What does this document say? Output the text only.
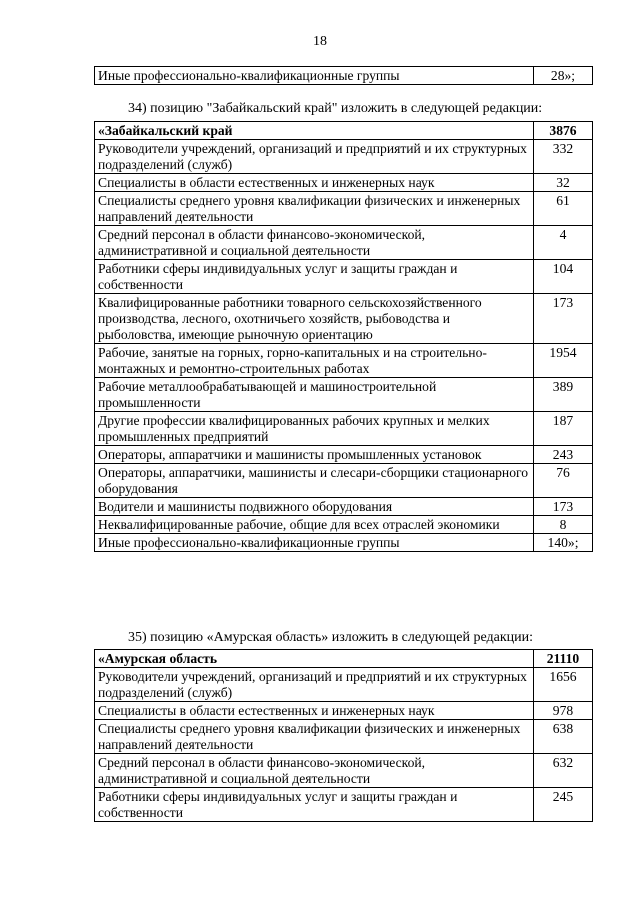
18
Иные профессионально-квалификационные группы	28»;
34) позицию "Забайкальский край" изложить в следующей редакции:
«Забайкальский край	3876
Руководители учреждений, организаций и предприятий и их структурных подразделений (служб)	332
Специалисты в области естественных и инженерных наук	32
Специалисты среднего уровня квалификации физических и инженерных направлений деятельности	61
Средний персонал в области финансово-экономической, административной и социальной деятельности	4
Работники сферы индивидуальных услуг и защиты граждан и собственности	104
Квалифицированные работники товарного сельскохозяйственного производства, лесного, охотничьего хозяйств, рыбоводства и рыболовства, имеющие рыночную ориентацию	173
Рабочие, занятые на горных, горно-капитальных и на строительно-монтажных и ремонтно-строительных работах	1954
Рабочие металлообрабатывающей и машиностроительной промышленности	389
Другие профессии квалифицированных рабочих крупных и мелких промышленных предприятий	187
Операторы, аппаратчики и машинисты промышленных установок	243
Операторы, аппаратчики, машинисты и слесари-сборщики стационарного оборудования	76
Водители и машинисты подвижного оборудования	173
Неквалифицированные рабочие, общие для всех отраслей экономики	8
Иные профессионально-квалификационные группы	140»;
35) позицию «Амурская область» изложить в следующей редакции:
«Амурская область	21110
Руководители учреждений, организаций и предприятий и их структурных подразделений (служб)	1656
Специалисты в области естественных и инженерных наук	978
Специалисты среднего уровня квалификации физических и инженерных направлений деятельности	638
Средний персонал в области финансово-экономической, административной и социальной деятельности	632
Работники сферы индивидуальных услуг и защиты граждан и собственности	245
